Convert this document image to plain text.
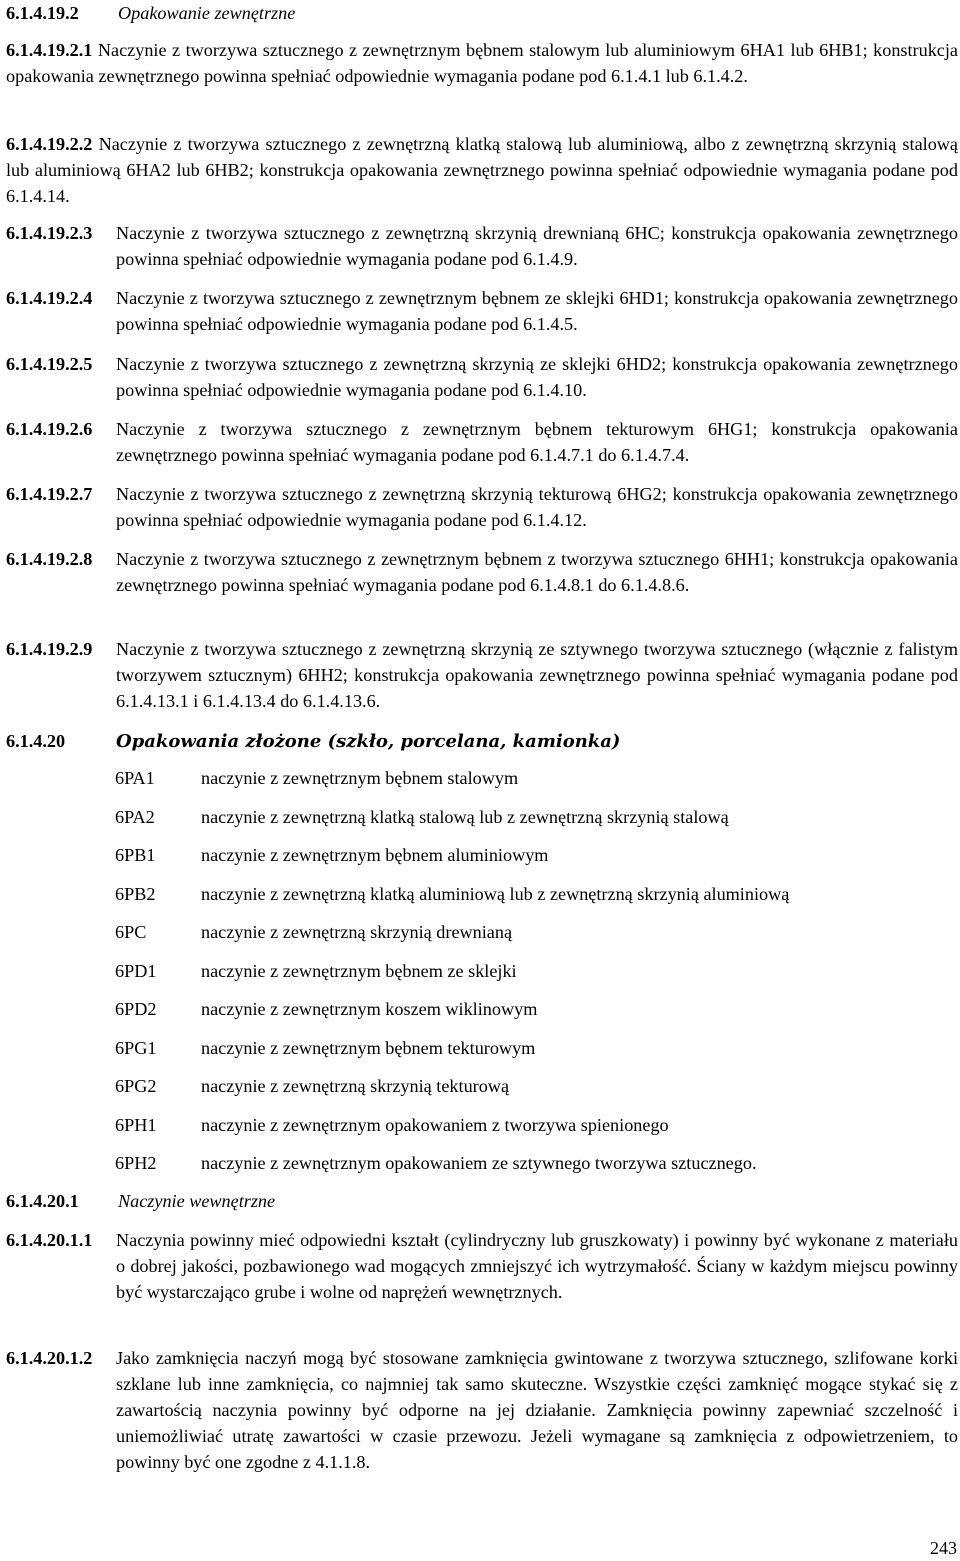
6.1.4.19.2	Opakowanie zewnętrzne
6.1.4.19.2.1 Naczynie z tworzywa sztucznego z zewnętrznym bębnem stalowym lub aluminiowym 6HA1 lub 6HB1; konstrukcja opakowania zewnętrznego powinna spełniać odpowiednie wymagania podane pod 6.1.4.1 lub 6.1.4.2.
6.1.4.19.2.2 Naczynie z tworzywa sztucznego z zewnętrzną klatką stalową lub aluminiową, albo z zewnętrzną skrzynią stalową lub aluminiową 6HA2 lub 6HB2; konstrukcja opakowania zewnętrznego powinna spełniać odpowiednie wymagania podane pod 6.1.4.14.
6.1.4.19.2.3	Naczynie z tworzywa sztucznego z zewnętrzną skrzynią drewnianą 6HC; konstrukcja opakowania zewnętrznego powinna spełniać odpowiednie wymagania podane pod 6.1.4.9.
6.1.4.19.2.4	Naczynie z tworzywa sztucznego z zewnętrznym bębnem ze sklejki 6HD1; konstrukcja opakowania zewnętrznego powinna spełniać odpowiednie wymagania podane pod 6.1.4.5.
6.1.4.19.2.5	Naczynie z tworzywa sztucznego z zewnętrzną skrzynią ze sklejki 6HD2; konstrukcja opakowania zewnętrznego powinna spełniać odpowiednie wymagania podane pod 6.1.4.10.
6.1.4.19.2.6	Naczynie z tworzywa sztucznego z zewnętrznym bębnem tekturowym 6HG1; konstrukcja opakowania zewnętrznego powinna spełniać wymagania podane pod 6.1.4.7.1 do 6.1.4.7.4.
6.1.4.19.2.7	Naczynie z tworzywa sztucznego z zewnętrzną skrzynią tekturową 6HG2; konstrukcja opakowania zewnętrznego powinna spełniać odpowiednie wymagania podane pod 6.1.4.12.
6.1.4.19.2.8	Naczynie z tworzywa sztucznego z zewnętrznym bębnem z tworzywa sztucznego 6HH1; konstrukcja opakowania zewnętrznego powinna spełniać wymagania podane pod 6.1.4.8.1 do 6.1.4.8.6.
6.1.4.19.2.9	Naczynie z tworzywa sztucznego z zewnętrzną skrzynią ze sztywnego tworzywa sztucznego (włącznie z falistym tworzywem sztucznym) 6HH2; konstrukcja opakowania zewnętrznego powinna spełniać wymagania podane pod 6.1.4.13.1 i 6.1.4.13.4 do 6.1.4.13.6.
6.1.4.20	Opakowania złożone (szkło, porcelana, kamionka)
6PA1	naczynie z zewnętrznym bębnem stalowym
6PA2	naczynie z zewnętrzną klatką stalową lub z zewnętrzną skrzynią stalową
6PB1	naczynie z zewnętrznym bębnem aluminiowym
6PB2	naczynie z zewnętrzną klatką aluminiową lub z zewnętrzną skrzynią aluminiową
6PC	naczynie z zewnętrzną skrzynią drewnianą
6PD1	naczynie z zewnętrznym bębnem ze sklejki
6PD2	naczynie z zewnętrznym koszem wiklinowym
6PG1	naczynie z zewnętrznym bębnem tekturowym
6PG2	naczynie z zewnętrzną skrzynią tekturową
6PH1	naczynie z zewnętrznym opakowaniem z tworzywa spienionego
6PH2	naczynie z zewnętrznym opakowaniem ze sztywnego tworzywa sztucznego.
6.1.4.20.1	Naczynie wewnętrzne
6.1.4.20.1.1	Naczynia powinny mieć odpowiedni kształt (cylindryczny lub gruszkowaty) i powinny być wykonane z materiału o dobrej jakości, pozbawionego wad mogących zmniejszyć ich wytrzymałość. Ściany w każdym miejscu powinny być wystarczająco grube i wolne od naprężeń wewnętrznych.
6.1.4.20.1.2	Jako zamknięcia naczyń mogą być stosowane zamknięcia gwintowane z tworzywa sztucznego, szlifowane korki szklane lub inne zamknięcia, co najmniej tak samo skuteczne. Wszystkie części zamknięć mogące stykać się z zawartością naczynia powinny być odporne na jej działanie. Zamknięcia powinny zapewniać szczelność i uniemożliwiać utratę zawartości w czasie przewozu. Jeżeli wymagane są zamknięcia z odpowietrzeniem, to powinny być one zgodne z 4.1.1.8.
243
